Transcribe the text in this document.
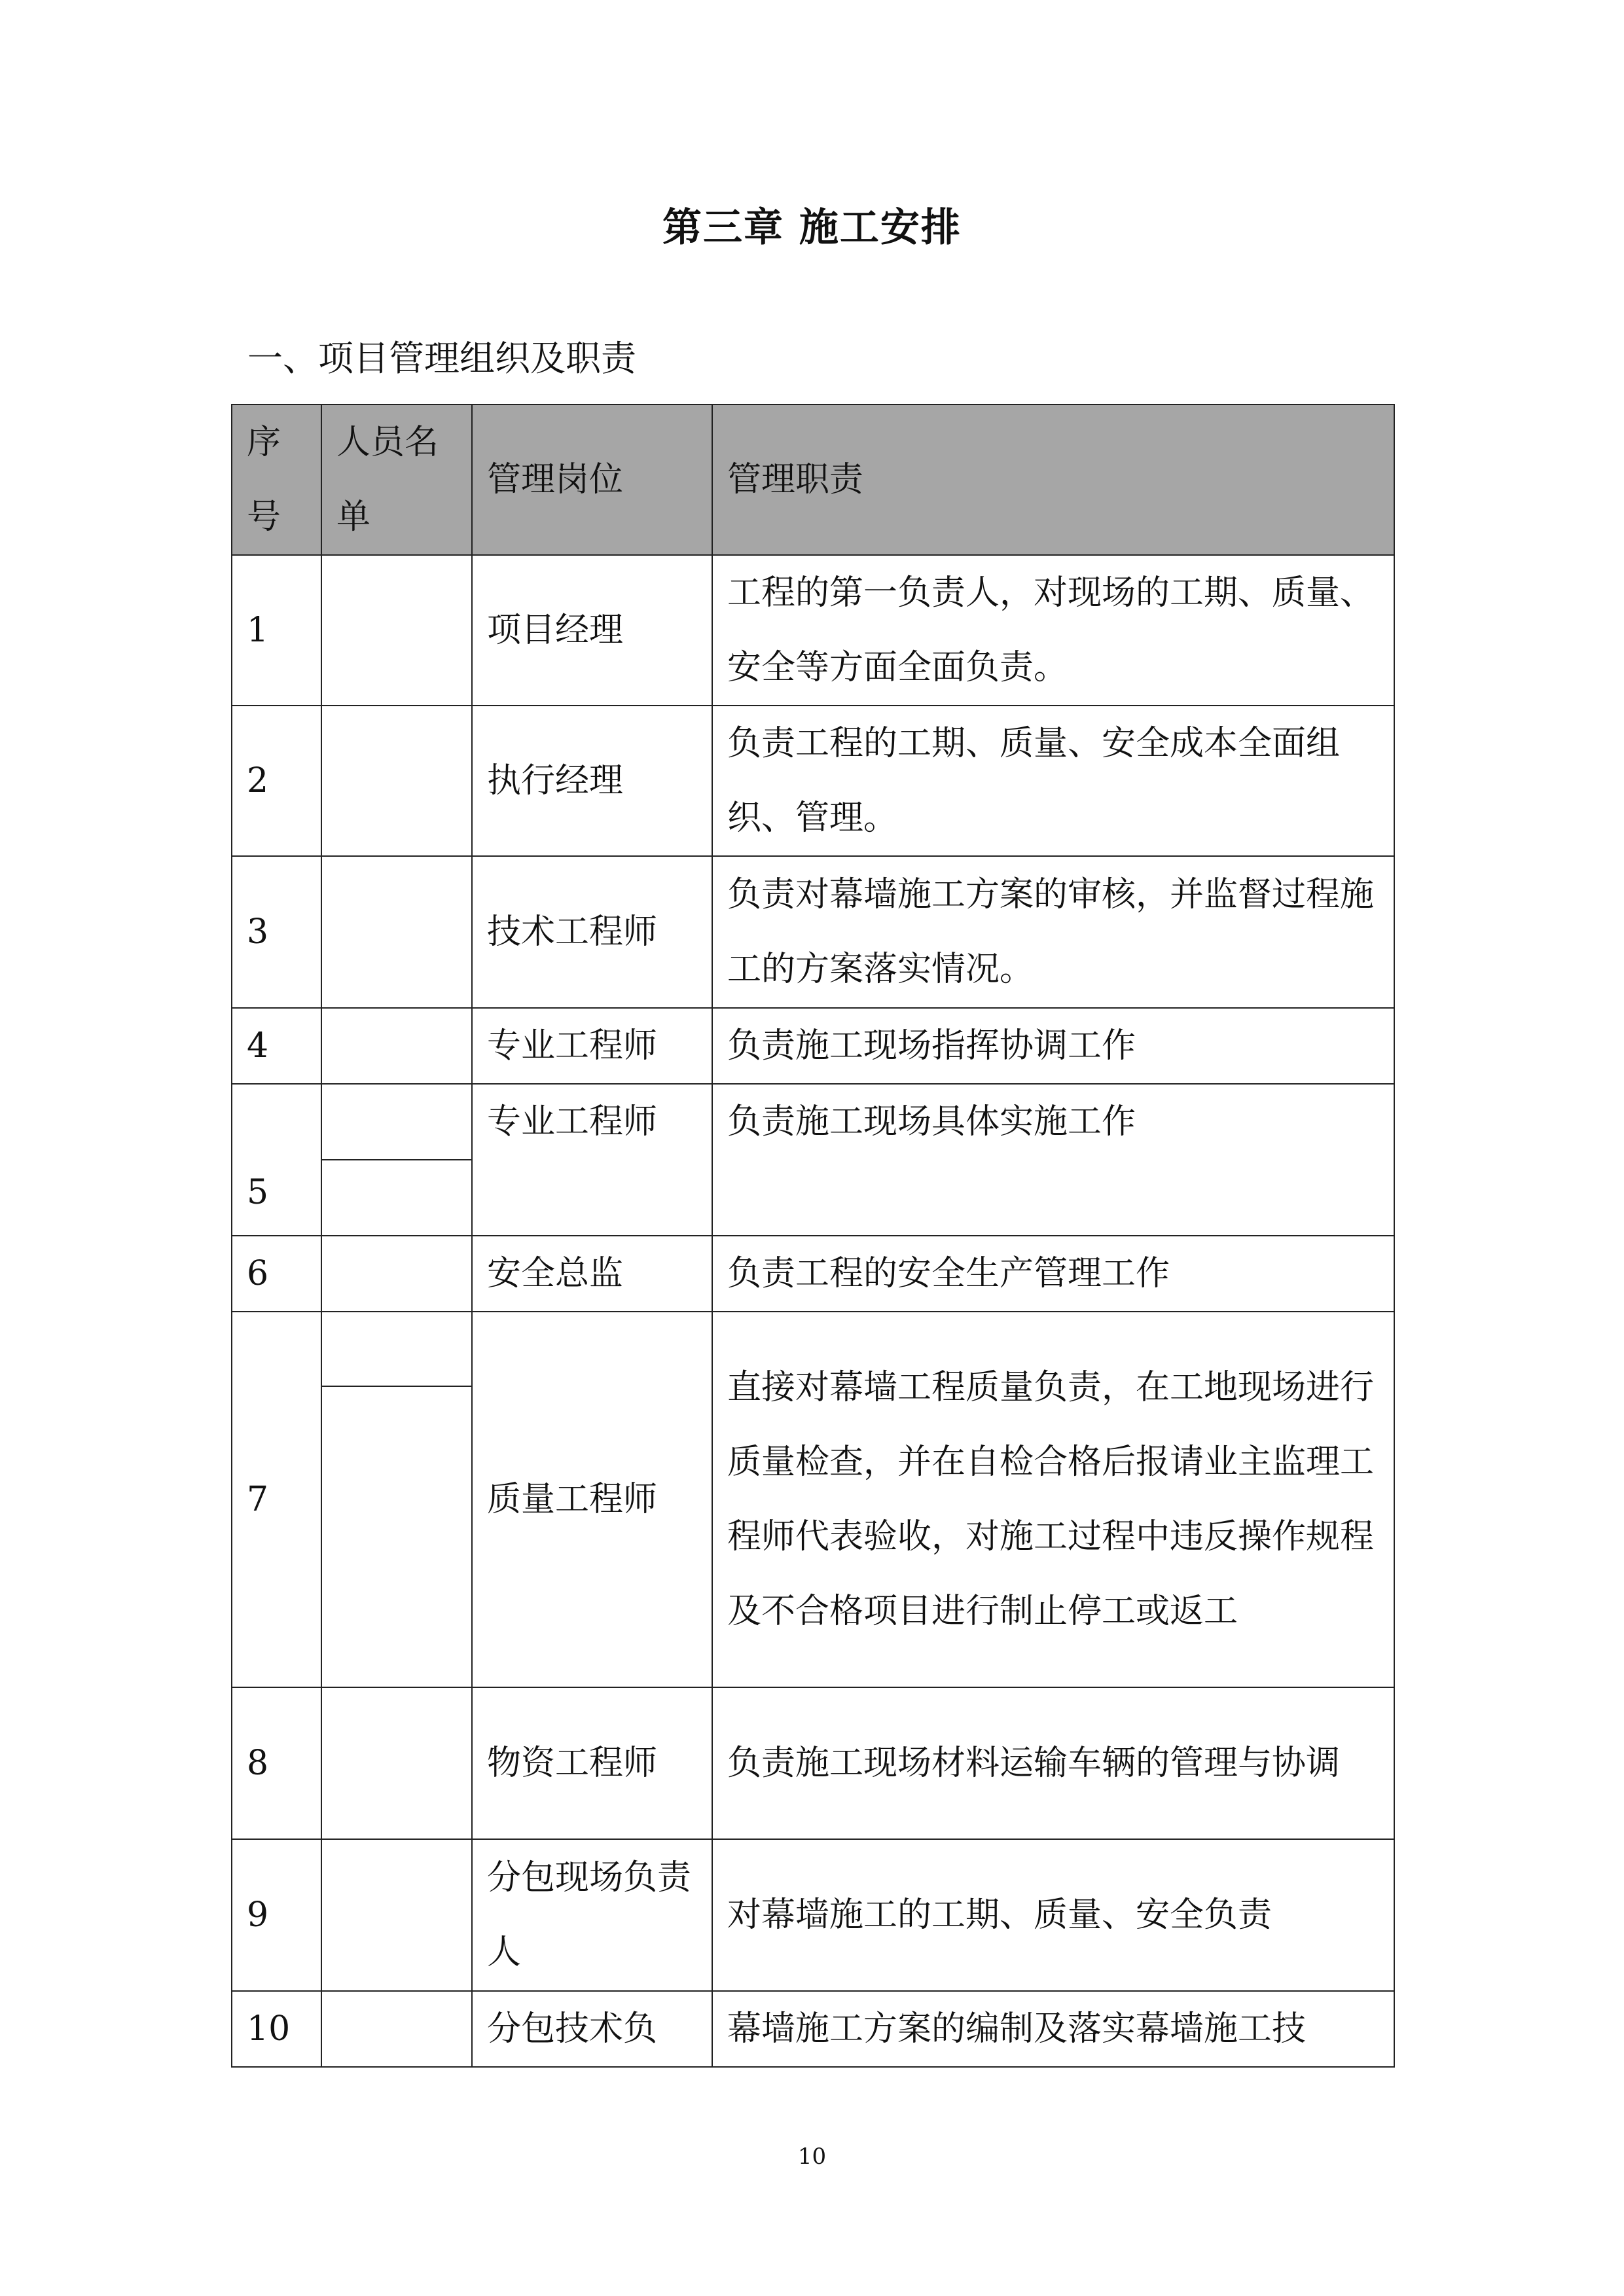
第三章 施工安排

一、项目管理组织及职责

序号	人员名单	管理岗位	管理职责
1		项目经理	工程的第一负责人，对现场的工期、质量、安全等方面全面负责。
2		执行经理	负责工程的工期、质量、安全成本全面组织、管理。
3		技术工程师	负责对幕墙施工方案的审核，并监督过程施工的方案落实情况。
4		专业工程师	负责施工现场指挥协调工作
5		专业工程师	负责施工现场具体实施工作

6		安全总监	负责工程的安全生产管理工作
7		质量工程师	直接对幕墙工程质量负责，在工地现场进行质量检查，并在自检合格后报请业主监理工程师代表验收，对施工过程中违反操作规程及不合格项目进行制止停工或返工

8		物资工程师	负责施工现场材料运输车辆的管理与协调
9		分包现场负责人	对幕墙施工的工期、质量、安全负责
10		分包技术负	幕墙施工方案的编制及落实幕墙施工技

10
